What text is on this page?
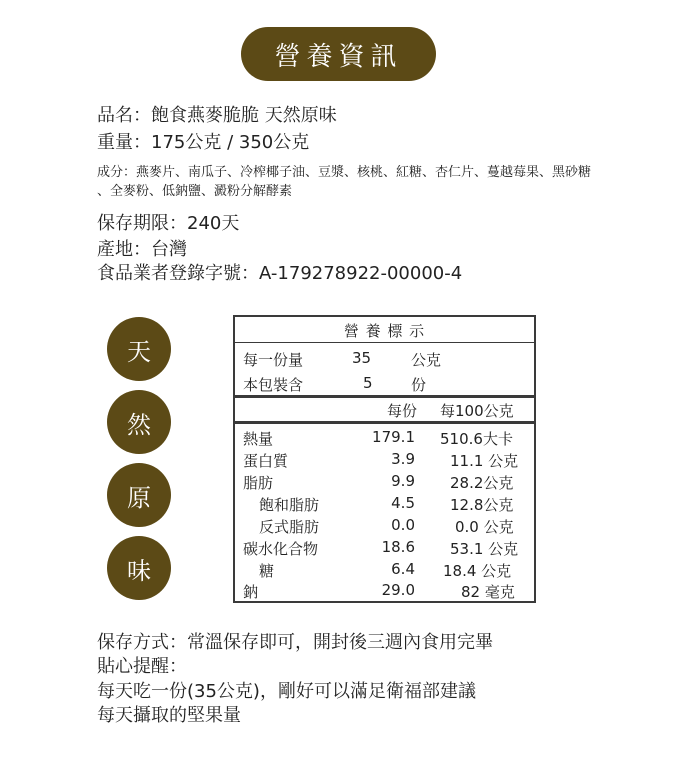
營養資訊
品名：飽食燕麥脆脆 天然原味
重量：175公克 / 350公克
成分：燕麥片、南瓜子、冷榨椰子油、豆漿、核桃、紅糖、杏仁片、蔓越莓果、黑砂糖
、全麥粉、低鈉鹽、澱粉分解酵素
保存期限：240天
產地：台灣
食品業者登錄字號：A-179278922-00000-4
天
然
原
味
營 養 標 示
每一份量	35	公克
本包裝含	5	份
每份 每100公克
熱量	179.1 510.6大卡
蛋白質	3.9 11.1 公克
脂肪	9.9 28.2公克
飽和脂肪	4.5 12.8公克
反式脂肪	0.0	0.0 公克
碳水化合物	18.6 53.1 公克
糖	6.4 18.4 公克
鈉	29.0	82 毫克
保存方式：常溫保存即可，開封後三週內食用完畢
貼心提醒：
每天吃一份(35公克)，剛好可以滿足衛福部建議
每天攝取的堅果量
